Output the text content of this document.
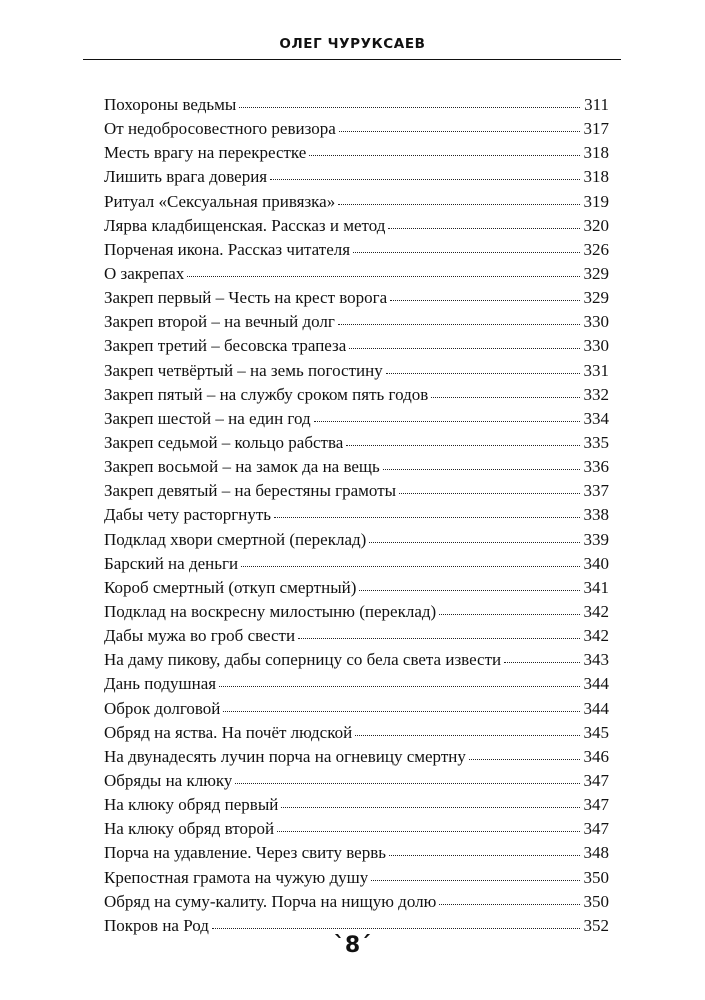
ОЛЕГ ЧУРУКСАЕВ
Похороны ведьмы	311
От недобросовестного ревизора	317
Месть врагу на перекрестке	318
Лишить врага доверия	318
Ритуал «Сексуальная привязка»	319
Лярва кладбищенская. Рассказ и метод	320
Порченая икона. Рассказ читателя	326
О закрепах	329
Закреп первый – Честь на крест ворога	329
Закреп второй – на вечный долг	330
Закреп третий – бесовска трапеза	330
Закреп четвёртый – на земь погостину	331
Закреп пятый – на службу сроком пять годов	332
Закреп шестой – на един год	334
Закреп седьмой – кольцо рабства	335
Закреп восьмой – на замок да на вещь	336
Закреп девятый – на берестяны грамоты	337
Дабы чету расторгнуть	338
Подклад хвори смертной (переклад)	339
Барский на деньги	340
Короб смертный (откуп смертный)	341
Подклад на воскресну милостыню (переклад)	342
Дабы мужа во гроб свести	342
На даму пикову, дабы соперницу со бела света извести	343
Дань подушная	344
Оброк долговой	344
Обряд на яства. На почёт людской	345
На двунадесять лучин порча на огневицу смертну	346
Обряды на клюку	347
На клюку обряд первый	347
На клюку обряд второй	347
Порча на удавление. Через свиту вервь	348
Крепостная грамота на чужую душу	350
Обряд на суму-калиту. Порча на нищую долю	350
Покров на Род	352
`8´
